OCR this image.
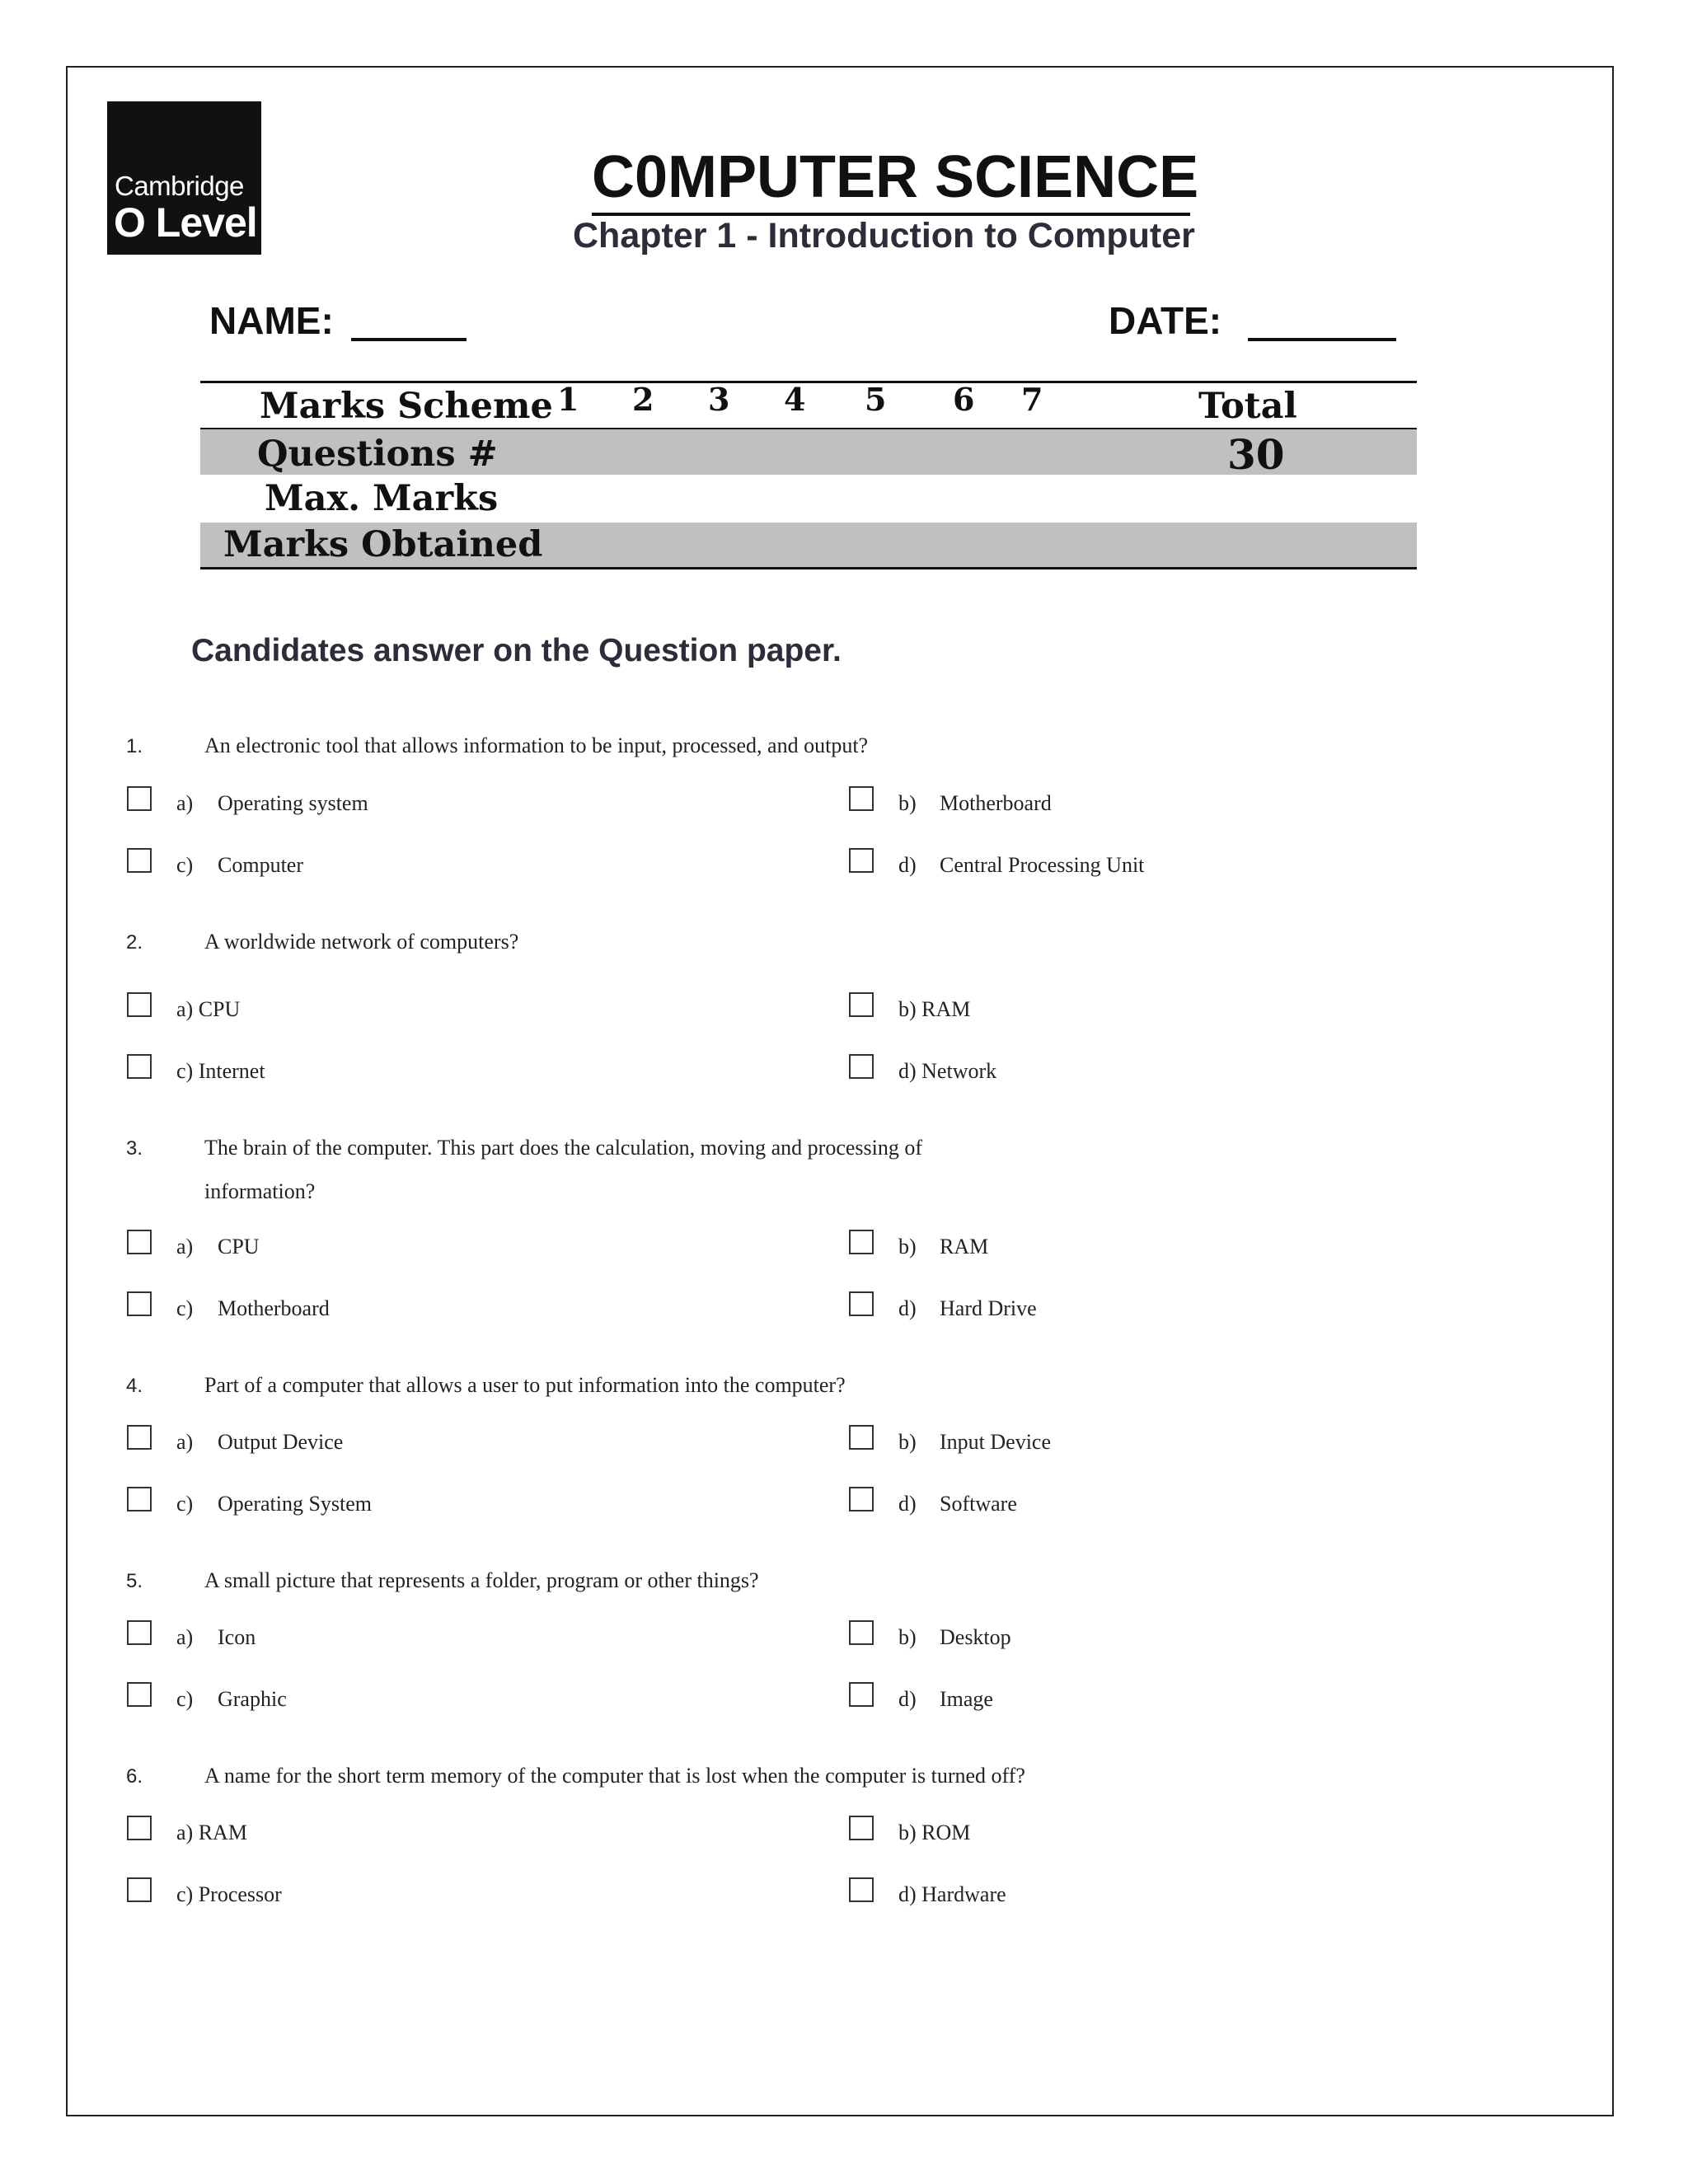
Cambridge
O Level
C0MPUTER SCIENCE
Chapter 1 - Introduction to Computer
NAME:	DATE:
Marks Scheme 1 2 3 4 5 6 7	Total
Questions #	30
Max. Marks
Marks Obtained
Candidates answer on the Question paper.
1.	An electronic tool that allows information to be input, processed, and output?
a) Operating system	b) Motherboard
c) Computer	d) Central Processing Unit
2.	A worldwide network of computers?
a) CPU	b) RAM
c) Internet	d) Network
3.	The brain of the computer. This part does the calculation, moving and processing of
information?
a) CPU	b) RAM
c) Motherboard	d) Hard Drive
4.	Part of a computer that allows a user to put information into the computer?
a) Output Device	b) Input Device
c) Operating System	d) Software
5.	A small picture that represents a folder, program or other things?
a) Icon	b) Desktop
c) Graphic	d) Image
6.	A name for the short term memory of the computer that is lost when the computer is turned off?
a) RAM	b) ROM
c) Processor	d) Hardware
